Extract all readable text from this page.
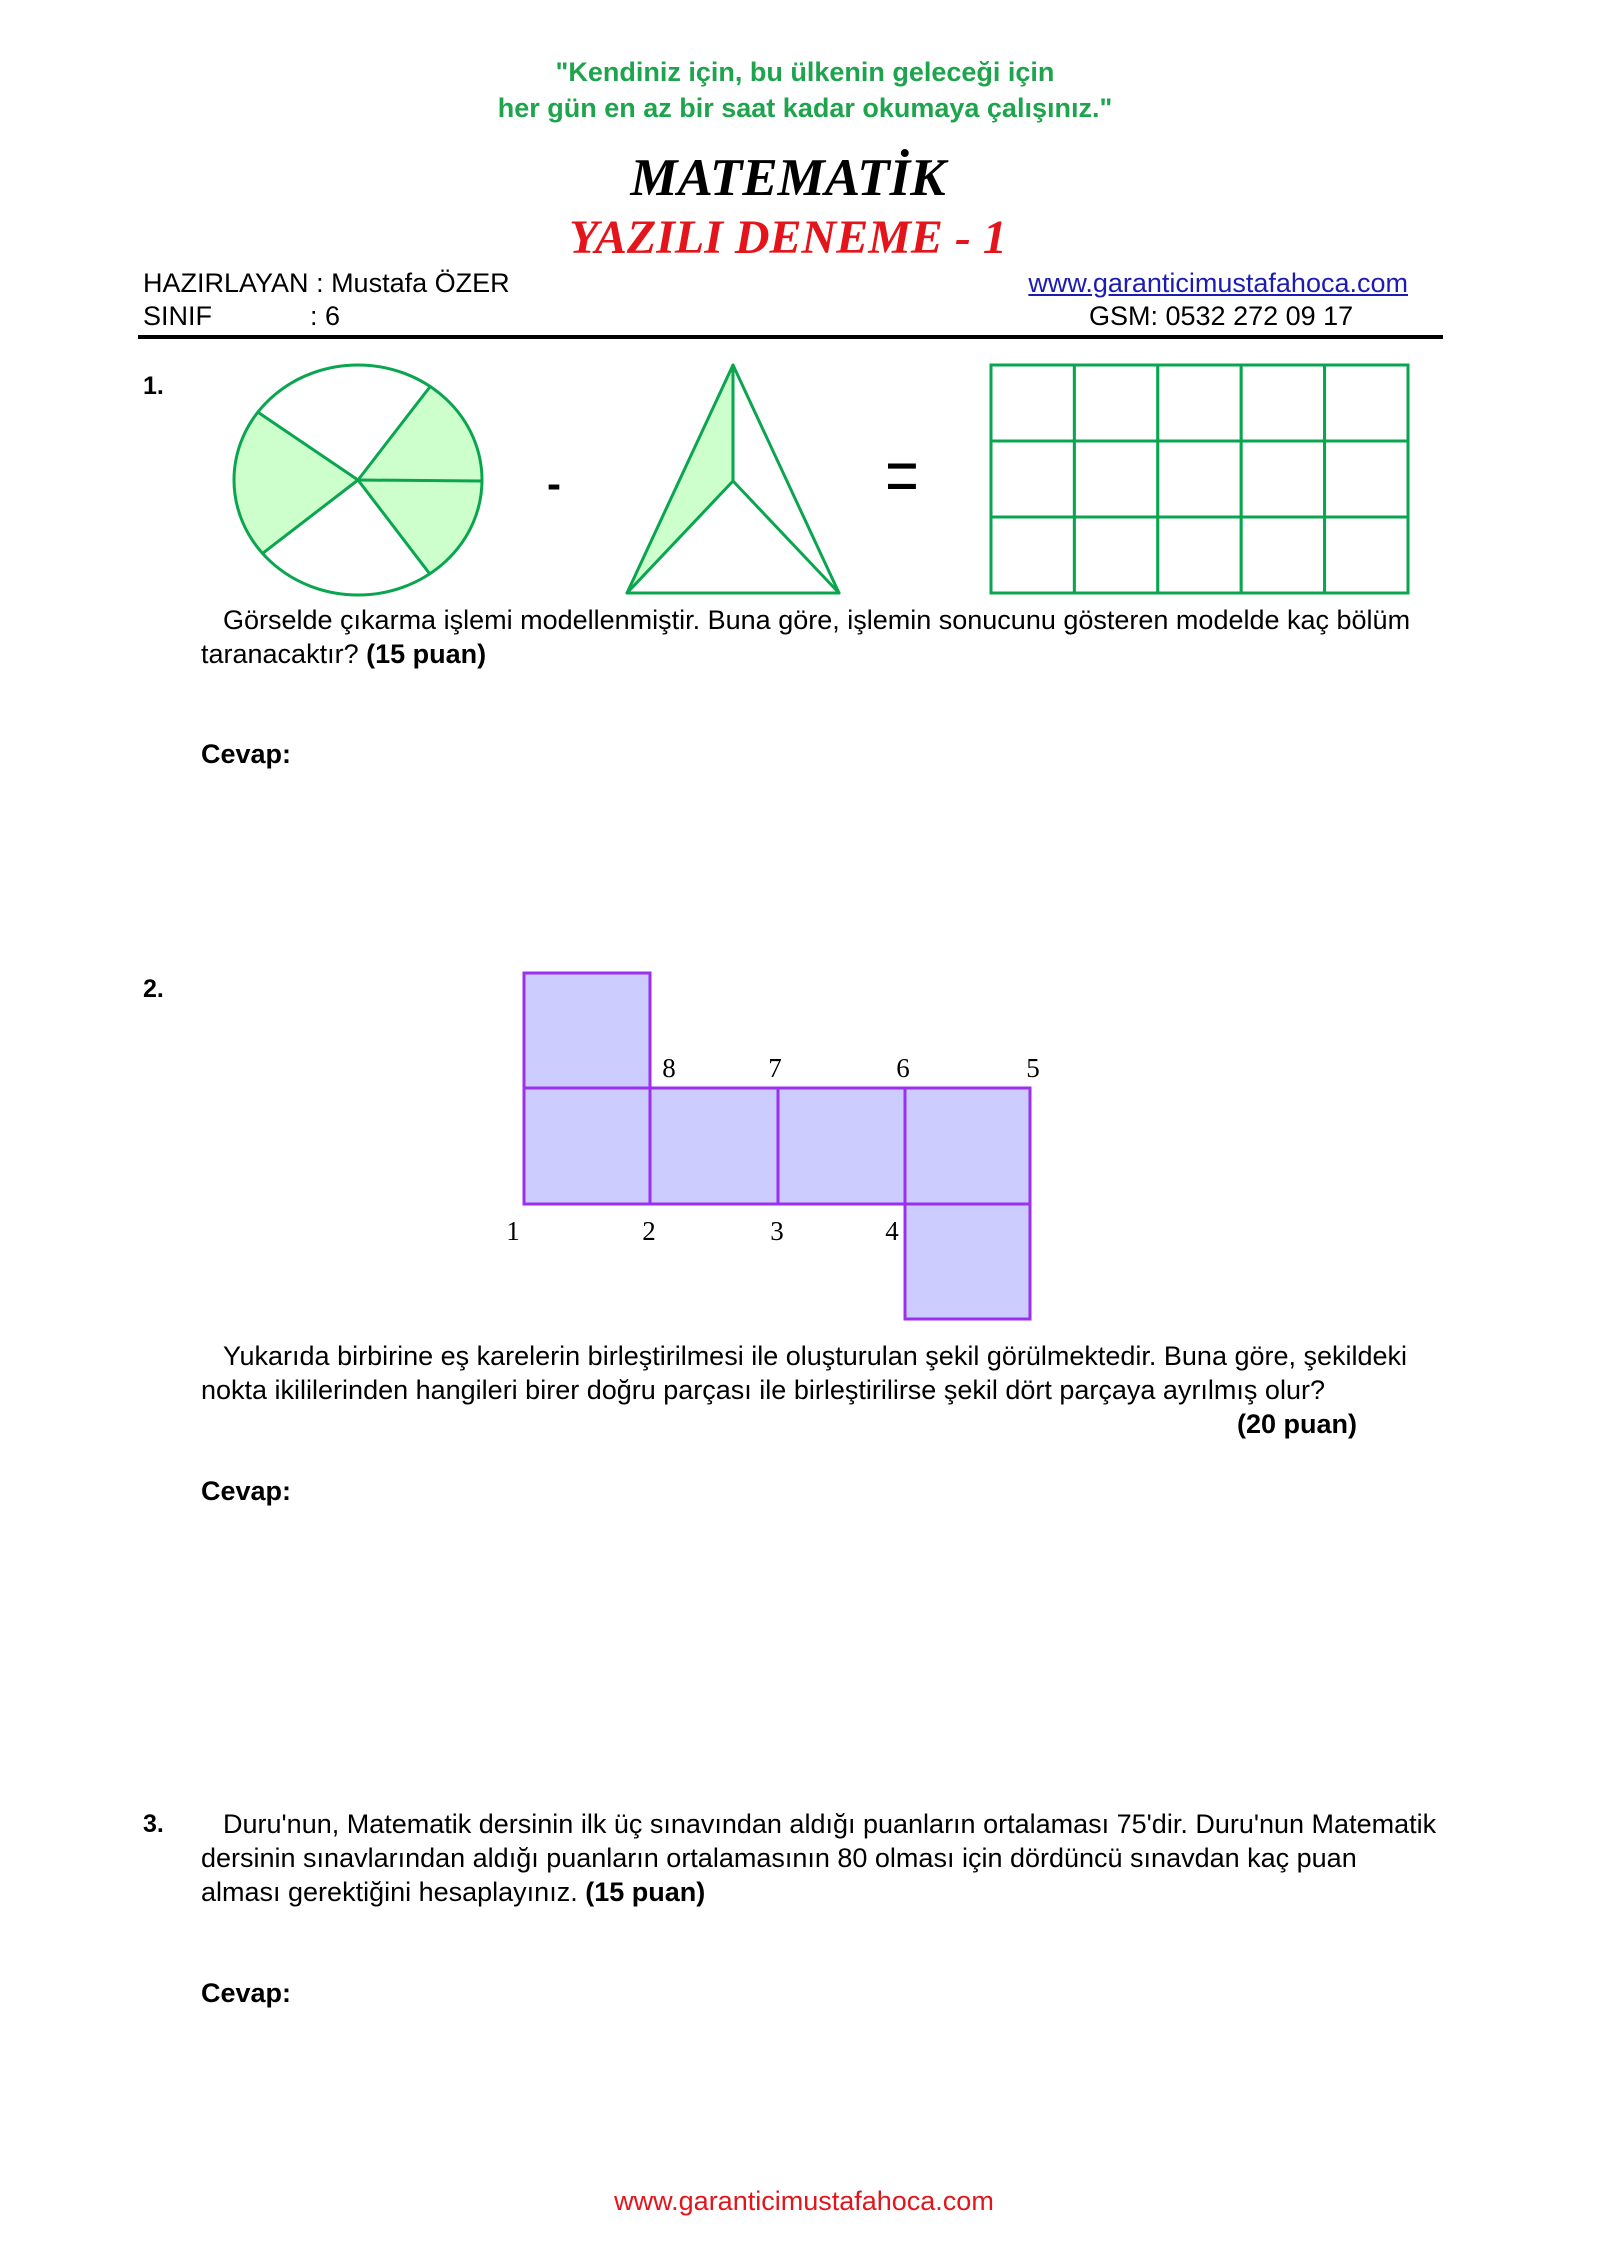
"Kendiniz için, bu ülkenin geleceği için
her gün en az bir saat kadar okumaya çalışınız."
MATEMATİK
YAZILI DENEME - 1
HAZIRLAYAN : Mustafa ÖZER	www.garanticimustafahoca.com
SINIF	: 6	GSM: 0532 272 09 17
1.
-	=
Görselde çıkarma işlemi modellenmiştir. Buna göre, işlemin sonucunu gösteren modelde kaç bölüm
taranacaktır? (15 puan)
Cevap:
2.
8	7	6	5
1	2	3	4
Yukarıda birbirine eş karelerin birleştirilmesi ile oluşturulan şekil görülmektedir. Buna göre, şekildeki
nokta ikililerinden hangileri birer doğru parçası ile birleştirilirse şekil dört parçaya ayrılmış olur?
(20 puan)
Cevap:
3. Duru'nun, Matematik dersinin ilk üç sınavından aldığı puanların ortalaması 75'dir. Duru'nun Matematik
dersinin sınavlarından aldığı puanların ortalamasının 80 olması için dördüncü sınavdan kaç puan
alması gerektiğini hesaplayınız. (15 puan)
Cevap:
www.garanticimustafahoca.com
